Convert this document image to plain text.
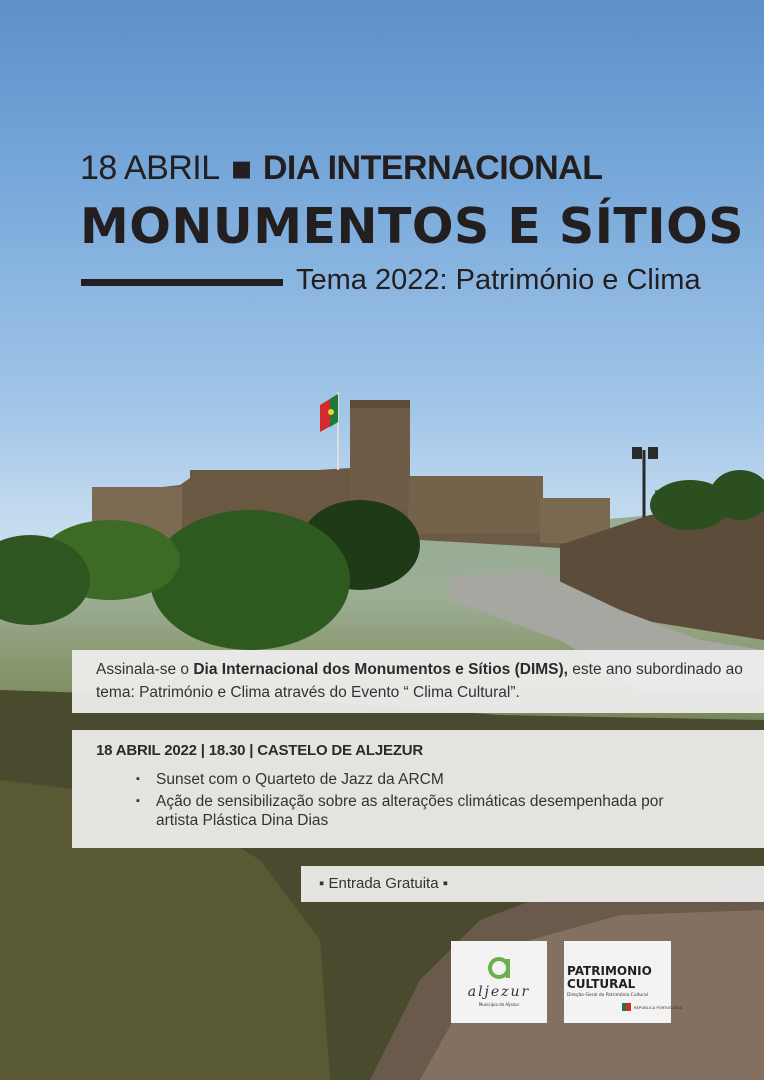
18 ABRIL ▪ DIA INTERNACIONAL
MONUMENTOS E SÍTIOS
Tema 2022: Património e Clima

Assinala-se o Dia Internacional dos Monumentos e Sítios (DIMS), este ano subordinado ao tema: Património e Clima através do Evento “ Clima Cultural”.

18 ABRIL 2022 | 18.30 | CASTELO DE ALJEZUR
▪ Sunset com o Quarteto de Jazz da ARCM
▪ Ação de sensibilização sobre as alterações climáticas desempenhada por artista Plástica Dina Dias
▪ Entrada Gratuita ▪
aljezur
Município de Aljezur
PATRIMONIO
CULTURAL
Direção-Geral do Património Cultural
REPÚBLICA PORTUGUESA
